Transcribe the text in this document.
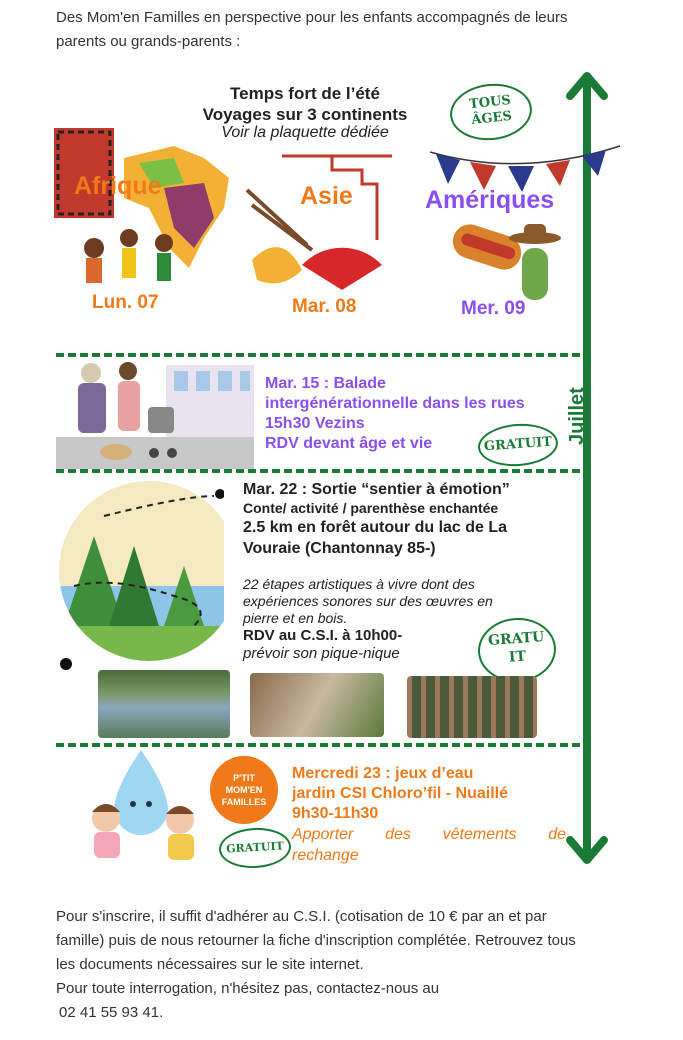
Des Mom'en Familles en perspective pour les enfants accompagnés de leurs parents ou grands-parents :
Juillet
Temps fort de l’été
Voyages sur 3 continents
Voir la plaquette dédiée
TOUS ÂGES
Afrique
Lun. 07
Asie
Mar. 08
Amériques
Mer. 09
Mar. 15 : Balade
intergénérationnelle dans les rues
15h30 Vezins
RDV devant âge et vie	GRATUIT
Mar. 22 : Sortie “sentier à émotion”
Conte/ activité / parenthèse enchantée
2.5 km en forêt autour du lac de La
Vouraie (Chantonnay 85-)
22 étapes artistiques à vivre dont des
expériences sonores sur des œuvres en
pierre et en bois.
RDV au C.S.I. à 10h00-
prévoir son pique-nique
GRATU
IT
P'TIT MOM'EN FAMILLES
GRATUIT
Mercredi 23 : jeux d’eau
jardin CSI Chloro’fil - Nuaillé
9h30-11h30
Apporter des vêtements de
rechange

Pour s'inscrire, il suffit d'adhérer au C.S.I. (cotisation de 10 € par an et par

famille) puis de nous retourner la fiche d'inscription complétée. Retrouvez tous

les documents nécessaires sur le site internet.

Pour toute interrogation, n'hésitez pas, contactez-nous au

02 41 55 93 41.
